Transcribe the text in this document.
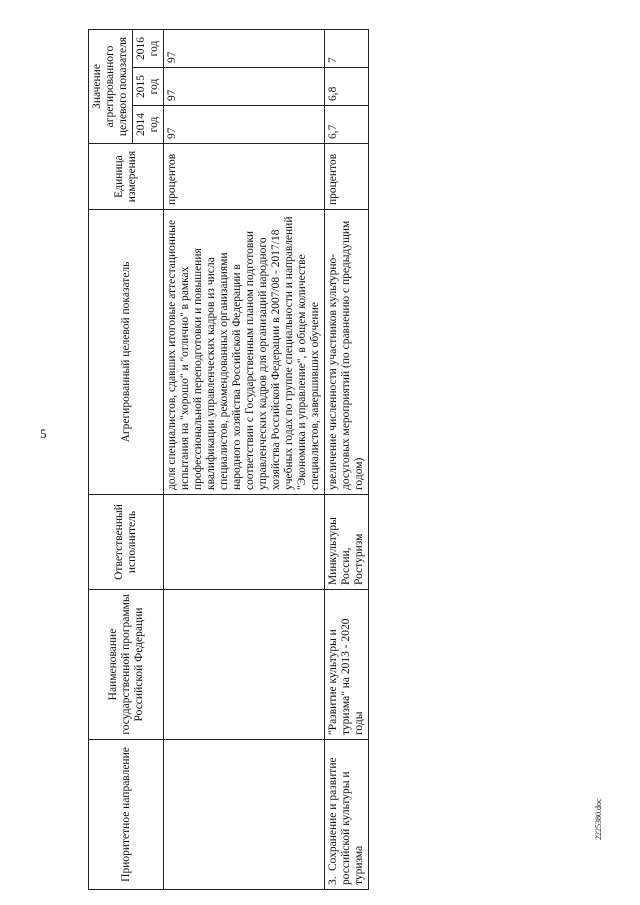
5
2225380.doc
Приоритетное направление	Наименование государственной программы Российской Федерации	Ответственный исполнитель	Агрегированный целевой показатель	Единица измерения	Значение агрегированного целевого показателя		
					2014 год	2015 год	2016 год
			доля специалистов, сдавших итоговые аттестационные испытания на "хорошо" и "отлично" в рамках профессиональной переподготовки и повышения квалификации управленческих кадров из числа специалистов, рекомендованных организациями народного хозяйства Российской Федерации в соответствии с Государственным планом подготовки управленческих кадров для организаций народного хозяйства Российской Федерации в 2007/08 - 2017/18 учебных годах по группе специальности и направлений "Экономика и управление", в общем количестве специалистов, завершивших обучение	процентов	97	97	97
3.Сохранение и развитие российской культуры и туризма	"Развитие культуры и туризма" на 2013 - 2020 годы	Минкультуры России, Ростуризм	увеличение численности участников культурно-досуговых мероприятий (по сравнению с предыдущим годом)	процентов	6,7	6,8	7
